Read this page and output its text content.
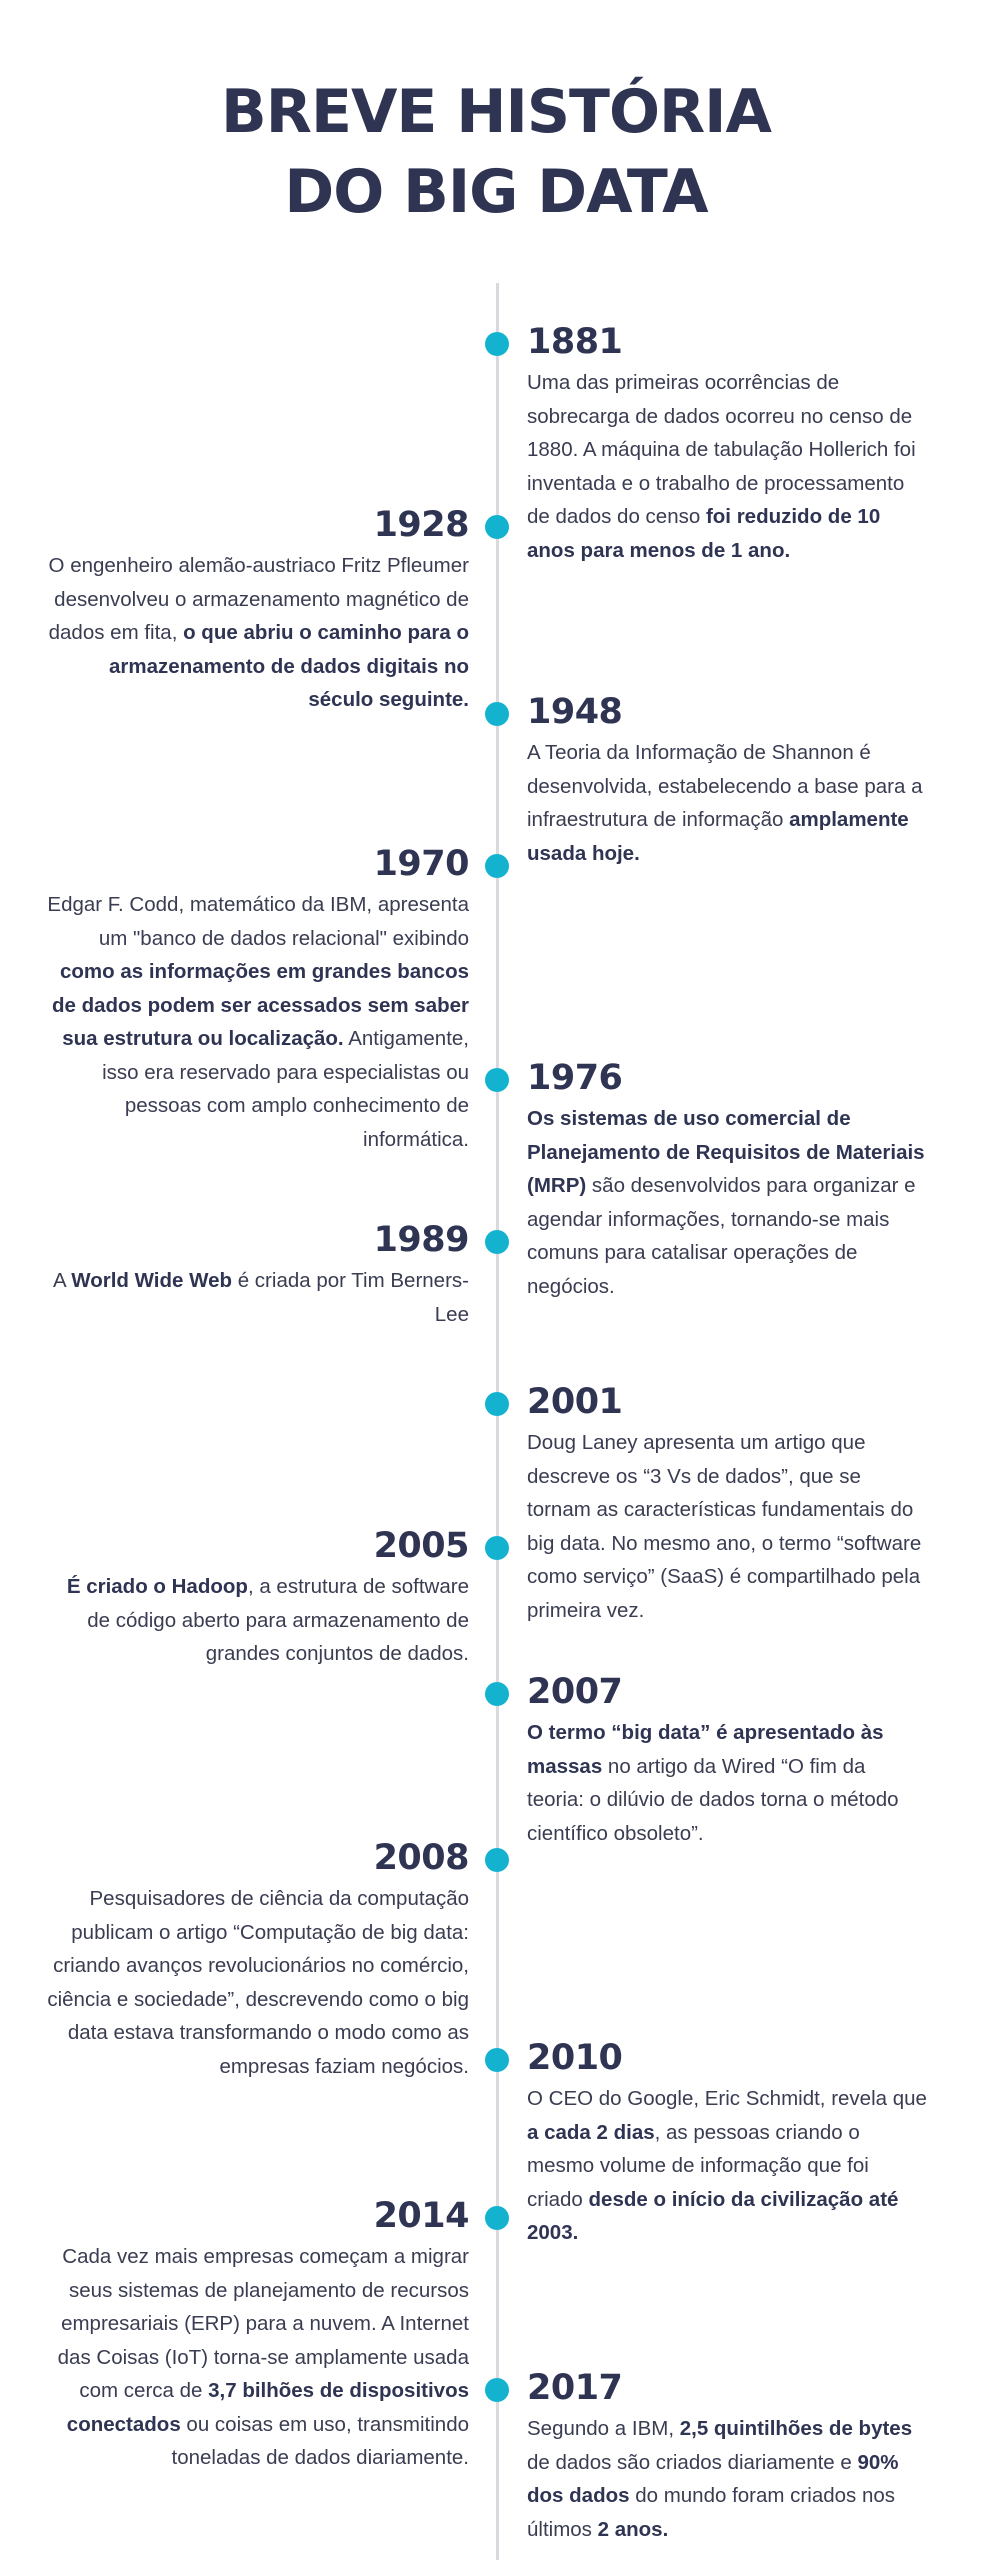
BREVE HISTÓRIA
DO BIG DATA
1881

Uma das primeiras ocorrências de sobrecarga de dados ocorreu no censo de 1880. A máquina de tabulação Hollerich foi inventada e o trabalho de processamento de dados do censo foi reduzido de 10 anos para menos de 1 ano.

1928

O engenheiro alemão-austriaco Fritz Pfleumer desenvolveu o armazenamento magnético de dados em fita, o que abriu o caminho para o armazenamento de dados digitais no século seguinte. 1948

A Teoria da Informação de Shannon é desenvolvida, estabelecendo a base para a infraestrutura de informação amplamente usada hoje.

1970

Edgar F. Codd, matemático da IBM, apresenta um "banco de dados relacional" exibindo como as informações em grandes bancos de dados podem ser acessados sem saber sua estrutura ou localização. Antigamente, isso era reservado para especialistas ou pessoas com amplo conhecimento de informática.

1976

Os sistemas de uso comercial de Planejamento de Requisitos de Materiais (MRP) são desenvolvidos para organizar e agendar informações, tornando-se mais comuns para catalisar operações de negócios.

1989

A World Wide Web é criada por Tim Berners-Lee

2001

Doug Laney apresenta um artigo que descreve os “3 Vs de dados”, que se tornam as características fundamentais do big data. No mesmo ano, o termo “software como serviço” (SaaS) é compartilhado pela primeira vez.

2005

É criado o Hadoop, a estrutura de software de código aberto para armazenamento de grandes conjuntos de dados.

2007

O termo “big data” é apresentado às massas no artigo da Wired “O fim da teoria: o dilúvio de dados torna o método científico obsoleto”.

2008

Pesquisadores de ciência da computação publicam o artigo “Computação de big data: criando avanços revolucionários no comércio, ciência e sociedade”, descrevendo como o big data estava transformando o modo como as empresas faziam negócios. 2010

O CEO do Google, Eric Schmidt, revela que a cada 2 dias, as pessoas criando o mesmo volume de informação que foi criado desde o início da civilização até 2003.

2014

Cada vez mais empresas começam a migrar seus sistemas de planejamento de recursos empresariais (ERP) para a nuvem. A Internet das Coisas (IoT) torna-se amplamente usada com cerca de 3,7 bilhões de dispositivos conectados ou coisas em uso, transmitindo toneladas de dados diariamente.

2017

Segundo a IBM, 2,5 quintilhões de bytes de dados são criados diariamente e 90% dos dados do mundo foram criados nos últimos 2 anos.
